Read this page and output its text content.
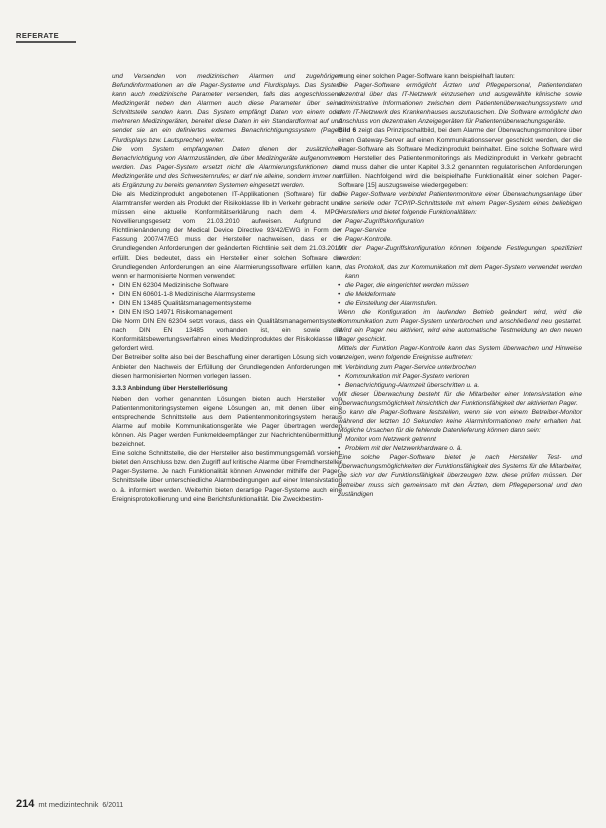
REFERATE

und Versenden von medizinischen Alarmen und zugehörigen Befundinformationen an die Pager-Systeme und Flurdisplays. Das System kann auch medizinische Parameter versenden, falls das angeschlossene Medizingerät neben den Alarmen auch diese Parameter über seine Schnittstelle senden kann. Das System empfängt Daten von einem oder mehreren Medizingeräten, bereitet diese Daten in ein Standardformat auf und sendet sie an ein definiertes externes Benachrichtigungssystem (Pager, Flurdisplays bzw. Lautsprecher) weiter.

Die vom System empfangenen Daten dienen der zusätzlichen Benachrichtigung von Alarmzuständen, die über Medizingeräte aufgenommen werden. Das Pager-System ersetzt nicht die Alarmierungsfunktionen der Medizingeräte und des Schwesternrufes; er darf nie alleine, sondern immer nur als Ergänzung zu bereits genannten Systemen eingesetzt werden.

Die als Medizinprodukt angebotenen IT-Applikationen (Software) für den Alarmtransfer werden als Produkt der Risikoklasse IIb in Verkehr gebracht und müssen eine aktuelle Konformitätserklärung nach dem 4. MPG-Novellierungsgesetz vom 21.03.2010 aufweisen. Aufgrund der Richtlinienänderung der Medical Device Directive 93/42/EWG in Form der Fassung 2007/47/EG muss der Hersteller nachweisen, dass er die Grundlegenden Anforderungen der geänderten Richtlinie seit dem 21.03.2010 erfüllt. Dies bedeutet, dass ein Hersteller einer solchen Software die Grundlegenden Anforderungen an eine Alarmierungssoftware erfüllen kann, wenn er harmonisierte Normen verwendet:

• DIN EN 62304 Medizinische Software
• DIN EN 60601-1-8 Medizinische Alarmsysteme
• DIN EN 13485 Qualitätsmanagementsysteme
• DIN EN ISO 14971 Risikomanagement

Die Norm DIN EN 62304 setzt voraus, dass ein Qualitätsmanagementsystem nach DIN EN 13485 vorhanden ist, ein sowie die Konformitätsbewertungsverfahren eines Medizinproduktes der Risikoklasse IIb gefordert wird.

Der Betreiber sollte also bei der Beschaffung einer derartigen Lösung sich vom Anbieter den Nachweis der Erfüllung der Grundlegenden Anforderungen mit diesen harmonisierten Normen vorlegen lassen.

3.3.3 Anbindung über Herstellerlösung

Neben den vorher genannten Lösungen bieten auch Hersteller von Patientenmonitoringsystemen eigene Lösungen an, mit denen über eine entsprechende Schnittstelle aus dem Patientenmonitoringsystem heraus Alarme auf mobile Kommunikationsgeräte wie Pager übertragen werden können. Als Pager werden Funkmeldeempfänger zur Nachrichtenübermittlung bezeichnet.

Eine solche Schnittstelle, die der Hersteller also bestimmungsgemäß vorsieht, bietet den Anschluss bzw. den Zugriff auf kritische Alarme über Fremdhersteller Pager-Systeme. Je nach Funktionalität können Anwender mithilfe der Pager-Schnittstelle über unterschiedliche Alarmbedingungen auf einer Intensivstation o. ä. informiert werden. Weiterhin bieten derartige Pager-Systeme auch eine Ereignisprotokollierung und eine Berichtsfunktionalität. Die Zweckbestim-

mung einer solchen Pager-Software kann beispielhaft lauten:

Die Pager-Software ermöglicht Ärzten und Pflegepersonal, Patientendaten dezentral über das IT-Netzwerk einzusehen und ausgewählte klinische sowie administrative Informationen zwischen dem Patientenüberwachungssystem und dem IT-Netzwerk des Krankenhauses auszutauschen. Die Software ermöglicht den Anschluss von dezentralen Anzeigegeräten für Patientenüberwachungsgeräte.

Bild 6 zeigt das Prinzipschaltbild, bei dem Alarme der Überwachungsmonitore über einen Gateway-Server auf einen Kommunikationsserver geschickt werden, der die Pager-Software als Software Medizinprodukt beinhaltet. Eine solche Software wird vom Hersteller des Patientenmonitorings als Medizinprodukt in Verkehr gebracht und muss daher die unter Kapitel 3.3.2 genannten regulatorischen Anforderungen erfüllen. Nachfolgend wird die beispielhafte Funktionalität einer solchen Pager-Software [15] auszugsweise wiedergegeben:

Die Pager-Software verbindet Patientenmonitore einer Überwachungsanlage über eine serielle oder TCP/IP-Schnittstelle mit einem Pager-System eines beliebigen Herstellers und bietet folgende Funktionalitäten:

• Pager-Zugriffskonfiguration
• Pager-Service
• Pager-Kontrolle.

Mit der Pager-Zugriffskonfiguration können folgende Festlegungen spezifiziert werden:

• das Protokoll, das zur Kommunikation mit dem Pager-System verwendet werden kann
• die Pager, die eingerichtet werden müssen
• die Meldeformate
• die Einstellung der Alarmstufen.

Wenn die Konfiguration im laufenden Betrieb geändert wird, wird die Kommunikation zum Pager-System unterbrochen und anschließend neu gestartet. Wird ein Pager neu aktiviert, wird eine automatische Testmeldung an den neuen Pager geschickt.

Mittels der Funktion Pager-Kontrolle kann das System überwachen und Hinweise anzeigen, wenn folgende Ereignisse auftreten:

• Verbindung zum Pager-Service unterbrochen
• Kommunikation mit Pager-System verloren
• Benachrichtigung-Alarmzeit überschritten u. a.

Mit dieser Überwachung besteht für die Mitarbeiter einer Intensivstation eine Überwachungsmöglichkeit hinsichtlich der Funktionsfähigkeit der aktivierten Pager.

So kann die Pager-Software feststellen, wenn sie von einem Betreiber-Monitor während der letzten 10 Sekunden keine Alarminformationen mehr erhalten hat. Mögliche Ursachen für die fehlende Datenlieferung können dann sein:

• Monitor vom Netzwerk getrennt
• Problem mit der Netzwerkhardware o. ä.

Eine solche Pager-Software bietet je nach Hersteller Test- und Überwachungsmöglichkeiten der Funktionsfähigkeit des Systems für die Mitarbeiter, die sich vor der Funktionsfähigkeit überzeugen bzw. diese prüfen müssen. Der Betreiber muss sich gemeinsam mit den Ärzten, dem Pflegepersonal und den zuständigen

214 mt medizintechnik 6/2011
